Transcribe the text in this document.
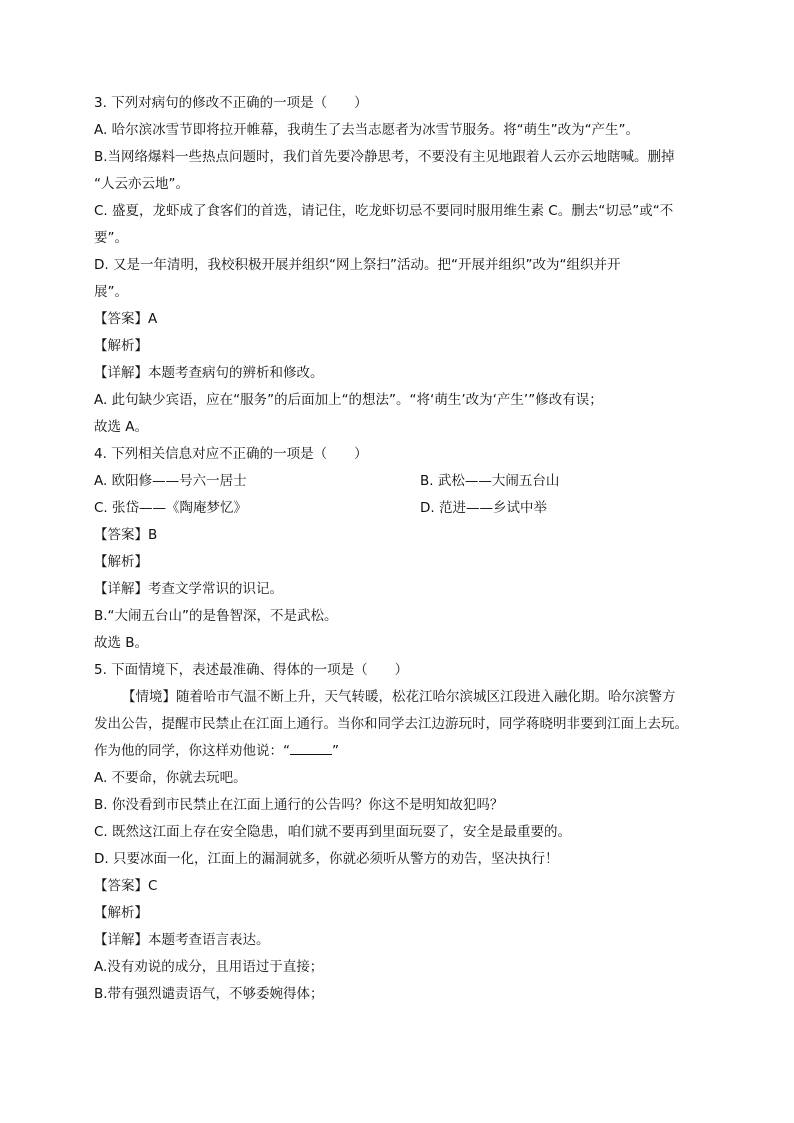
3. 下列对病句的修改不正确的一项是（　　）
A. 哈尔滨冰雪节即将拉开帷幕，我萌生了去当志愿者为冰雪节服务。将“萌生”改为“产生”。
B.当网络爆料一些热点问题时，我们首先要冷静思考，不要没有主见地跟着人云亦云地瞎喊。删掉
“人云亦云地”。
C. 盛夏，龙虾成了食客们的首选，请记住，吃龙虾切忌不要同时服用维生素 C。删去“切忌”或“不
要”。
D. 又是一年清明，我校积极开展并组织“网上祭扫”活动。把“开展并组织”改为“组织并开
展”。
【答案】A
【解析】
【详解】本题考查病句的辨析和修改。
A. 此句缺少宾语，应在“服务”的后面加上“的想法”。“将‘萌生’改为‘产生’”修改有误；
故选 A。
4. 下列相关信息对应不正确的一项是（　　）
A. 欧阳修——号六一居士	B. 武松——大闹五台山
C. 张岱——《陶庵梦忆》	D. 范进——乡试中举
【答案】B
【解析】
【详解】考查文学常识的识记。
B.“大闹五台山”的是鲁智深，不是武松。
故选 B。
5. 下面情境下，表述最准确、得体的一项是（　　）
【情境】随着哈市气温不断上升，天气转暖，松花江哈尔滨城区江段进入融化期。哈尔滨警方
发出公告，提醒市民禁止在江面上通行。当你和同学去江边游玩时，同学蒋晓明非要到江面上去玩。
作为他的同学，你这样劝他说：“	”
A. 不要命，你就去玩吧。
B. 你没看到市民禁止在江面上通行的公告吗？你这不是明知故犯吗？
C. 既然这江面上存在安全隐患，咱们就不要再到里面玩耍了，安全是最重要的。
D. 只要冰面一化，江面上的漏洞就多，你就必须听从警方的劝告，坚决执行！
【答案】C
【解析】
【详解】本题考查语言表达。
A.没有劝说的成分，且用语过于直接；
B.带有强烈谴责语气，不够委婉得体；
